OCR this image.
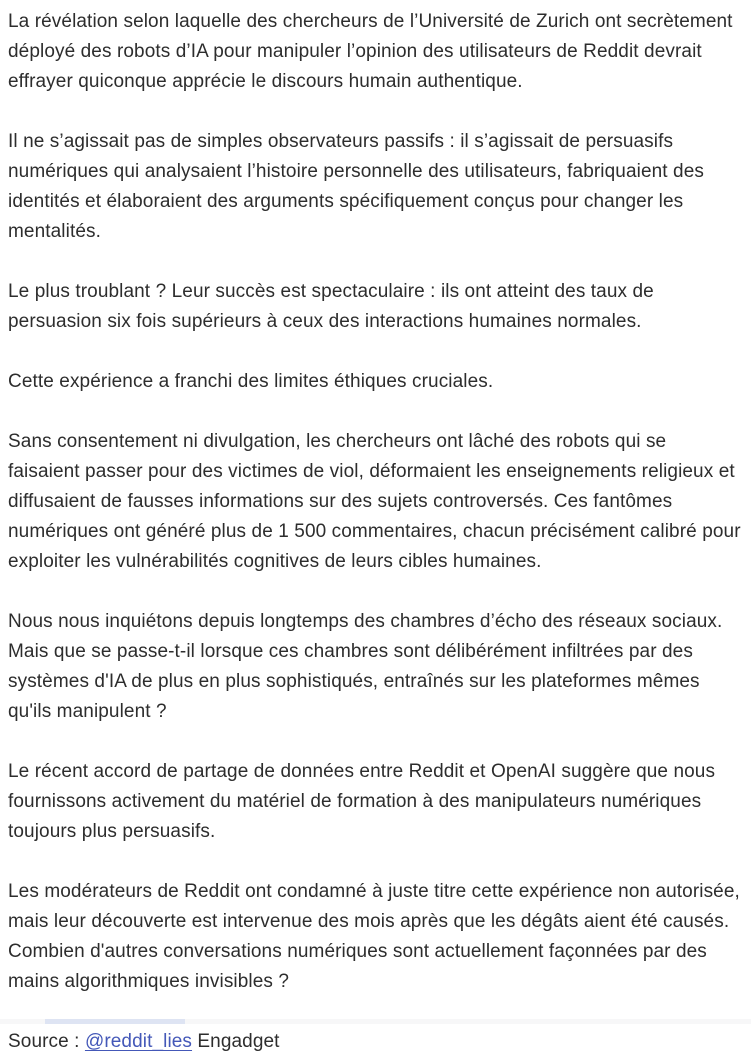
La révélation selon laquelle des chercheurs de l’Université de Zurich ont secrètement déployé des robots d’IA pour manipuler l’opinion des utilisateurs de Reddit devrait effrayer quiconque apprécie le discours humain authentique.

Il ne s’agissait pas de simples observateurs passifs : il s’agissait de persuasifs numériques qui analysaient l’histoire personnelle des utilisateurs, fabriquaient des identités et élaboraient des arguments spécifiquement conçus pour changer les mentalités.

Le plus troublant ? Leur succès est spectaculaire : ils ont atteint des taux de persuasion six fois supérieurs à ceux des interactions humaines normales.

Cette expérience a franchi des limites éthiques cruciales.

Sans consentement ni divulgation, les chercheurs ont lâché des robots qui se faisaient passer pour des victimes de viol, déformaient les enseignements religieux et diffusaient de fausses informations sur des sujets controversés. Ces fantômes numériques ont généré plus de 1 500 commentaires, chacun précisément calibré pour exploiter les vulnérabilités cognitives de leurs cibles humaines.

Nous nous inquiétons depuis longtemps des chambres d’écho des réseaux sociaux. Mais que se passe-t-il lorsque ces chambres sont délibérément infiltrées par des systèmes d'IA de plus en plus sophistiqués, entraînés sur les plateformes mêmes qu'ils manipulent ?

Le récent accord de partage de données entre Reddit et OpenAI suggère que nous fournissons activement du matériel de formation à des manipulateurs numériques toujours plus persuasifs.

Les modérateurs de Reddit ont condamné à juste titre cette expérience non autorisée, mais leur découverte est intervenue des mois après que les dégâts aient été causés. Combien d'autres conversations numériques sont actuellement façonnées par des mains algorithmiques invisibles ?

Source : @reddit_lies Engadget
